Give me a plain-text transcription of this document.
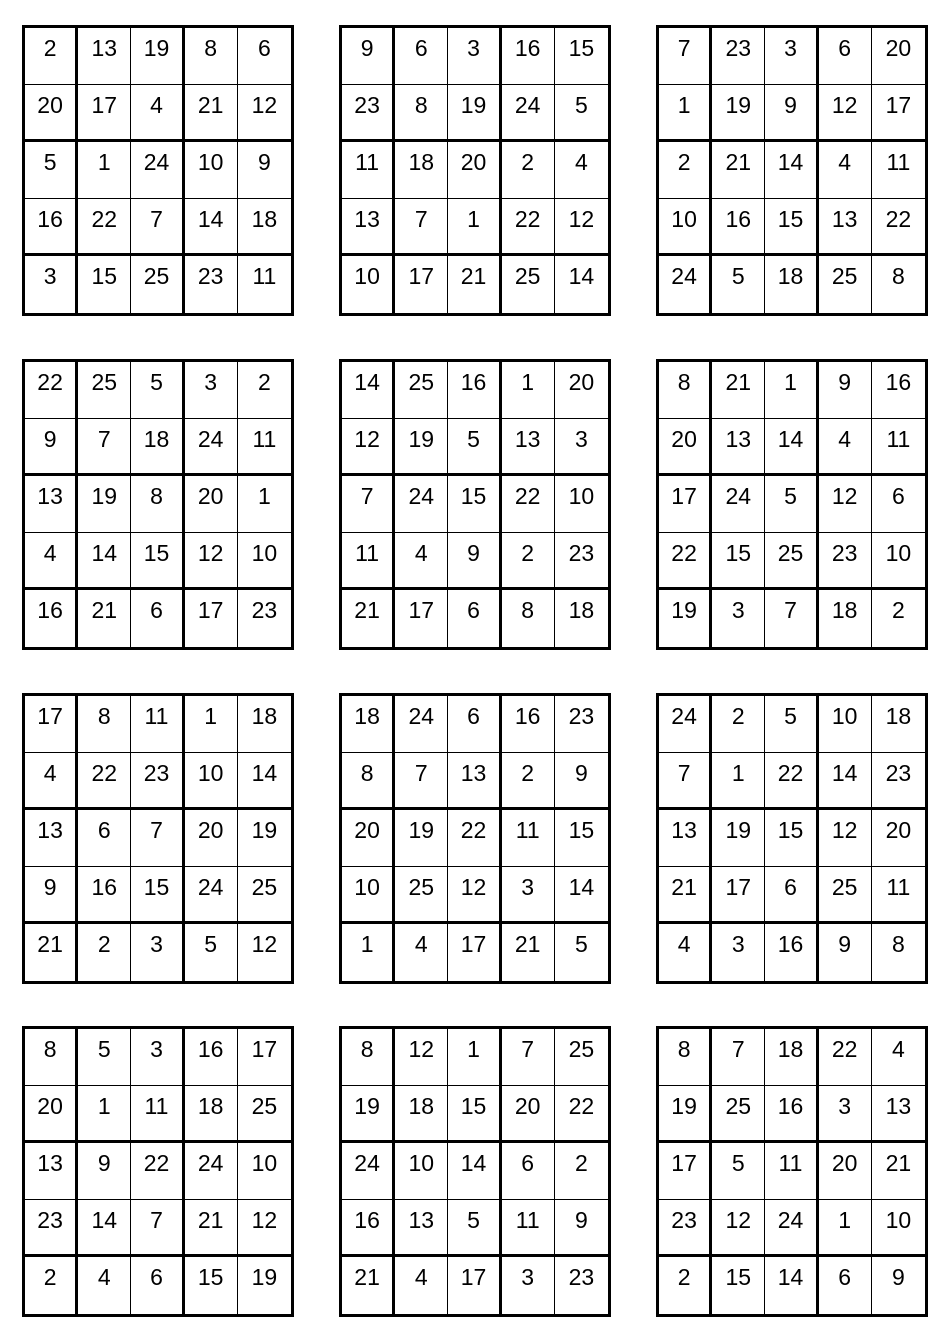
2	13	19	8	6
20	17	4	21	12
5	1	24	10	9
16	22	7	14	18
3	15	25	23	11
9	6	3	16	15
23	8	19	24	5
11	18	20	2	4
13	7	1	22	12
10	17	21	25	14
7	23	3	6	20
1	19	9	12	17
2	21	14	4	11
10	16	15	13	22
24	5	18	25	8
22	25	5	3	2
9	7	18	24	11
13	19	8	20	1
4	14	15	12	10
16	21	6	17	23
14	25	16	1	20
12	19	5	13	3
7	24	15	22	10
11	4	9	2	23
21	17	6	8	18
8	21	1	9	16
20	13	14	4	11
17	24	5	12	6
22	15	25	23	10
19	3	7	18	2
17	8	11	1	18
4	22	23	10	14
13	6	7	20	19
9	16	15	24	25
21	2	3	5	12
18	24	6	16	23
8	7	13	2	9
20	19	22	11	15
10	25	12	3	14
1	4	17	21	5
24	2	5	10	18
7	1	22	14	23
13	19	15	12	20
21	17	6	25	11
4	3	16	9	8
8	5	3	16	17
20	1	11	18	25
13	9	22	24	10
23	14	7	21	12
2	4	6	15	19
8	12	1	7	25
19	18	15	20	22
24	10	14	6	2
16	13	5	11	9
21	4	17	3	23
8	7	18	22	4
19	25	16	3	13
17	5	11	20	21
23	12	24	1	10
2	15	14	6	9
